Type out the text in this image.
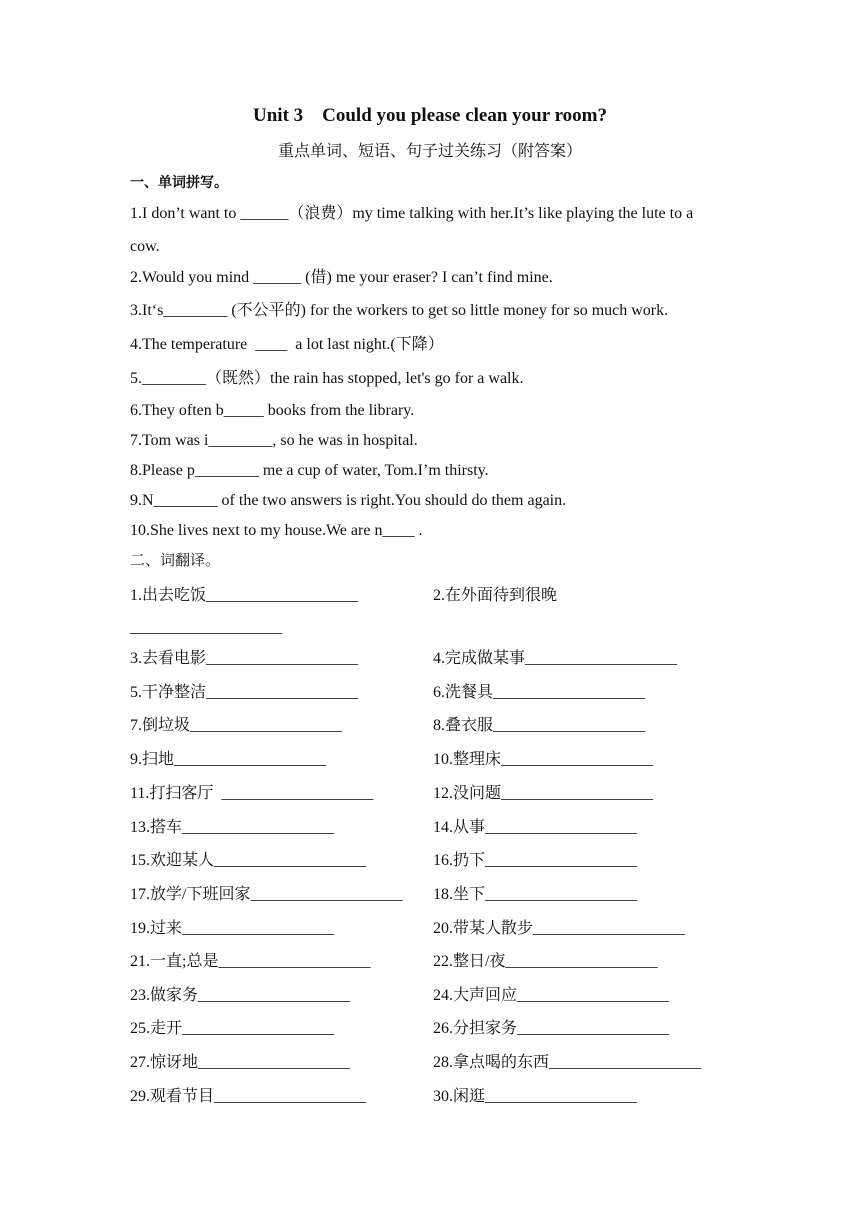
Unit 3    Could you please clean your room?
重点单词、短语、句子过关练习（附答案）
一、单词拼写。
1.I don’t want to ______（浪费）my time talking with her.It’s like playing the lute to a
cow.
2.Would you mind ______ (借) me your eraser? I can’t find mine.
3.It‘s________ (不公平的) for the workers to get so little money for so much work.
4.The temperature  ____  a lot last night.(下降）
5.________（既然）the rain has stopped, let's go for a walk.
6.They often b_____ books from the library.
7.Tom was i________, so he was in hospital.
8.Please p________ me a cup of water, Tom.I’m thirsty.
9.N________ of the two answers is right.You should do them again.
10.She lives next to my house.We are n____ .
二、词翻译。
1.出去吃饭___________________	2.在外面待到很晚
___________________
3.去看电影___________________	4.完成做某事___________________
5.干净整洁___________________	6.洗餐具___________________
7.倒垃圾___________________	8.叠衣服___________________
9.扫地___________________	10.整理床___________________
11.打扫客厅  ___________________	12.没问题___________________
13.搭车___________________	14.从事___________________
15.欢迎某人___________________	16.扔下___________________
17.放学/下班回家___________________ 18.坐下___________________
19.过来___________________	20.带某人散步___________________
21.一直;总是___________________	22.整日/夜___________________
23.做家务___________________	24.大声回应___________________
25.走开___________________	26.分担家务___________________
27.惊讶地___________________	28.拿点喝的东西___________________
29.观看节目___________________	30.闲逛___________________
